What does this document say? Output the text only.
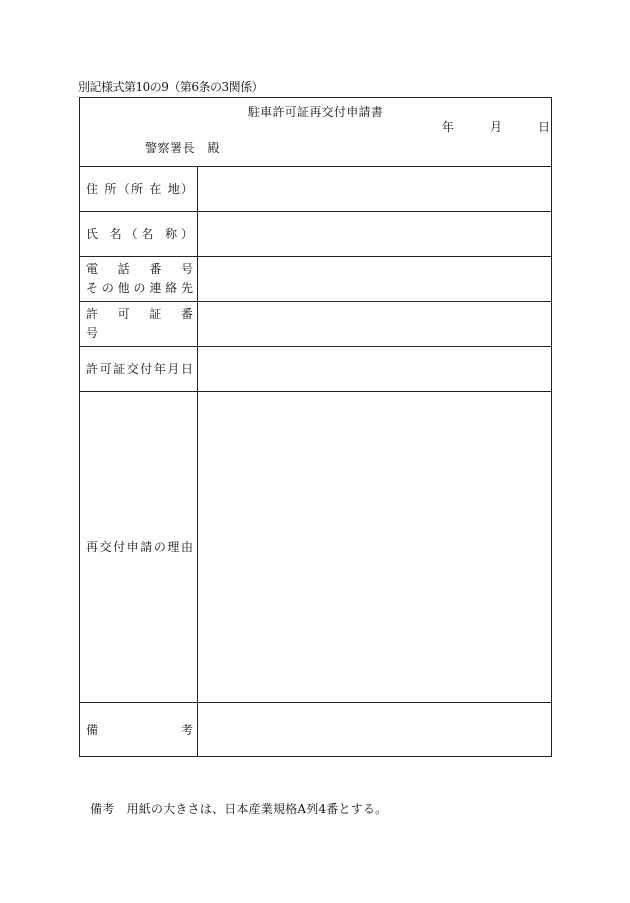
別記様式第10の9（第6条の3関係）
駐車許可証再交付申請書
年	月	日
警察署長　殿
住 所（所 在 地）
氏 名（名 称）
電　話　番　号
その他の連絡先
許　可　証　番　号
許可証交付年月日
再交付申請の理由
備　　　　　考
備考　用紙の大きさは、日本産業規格A列4番とする。
